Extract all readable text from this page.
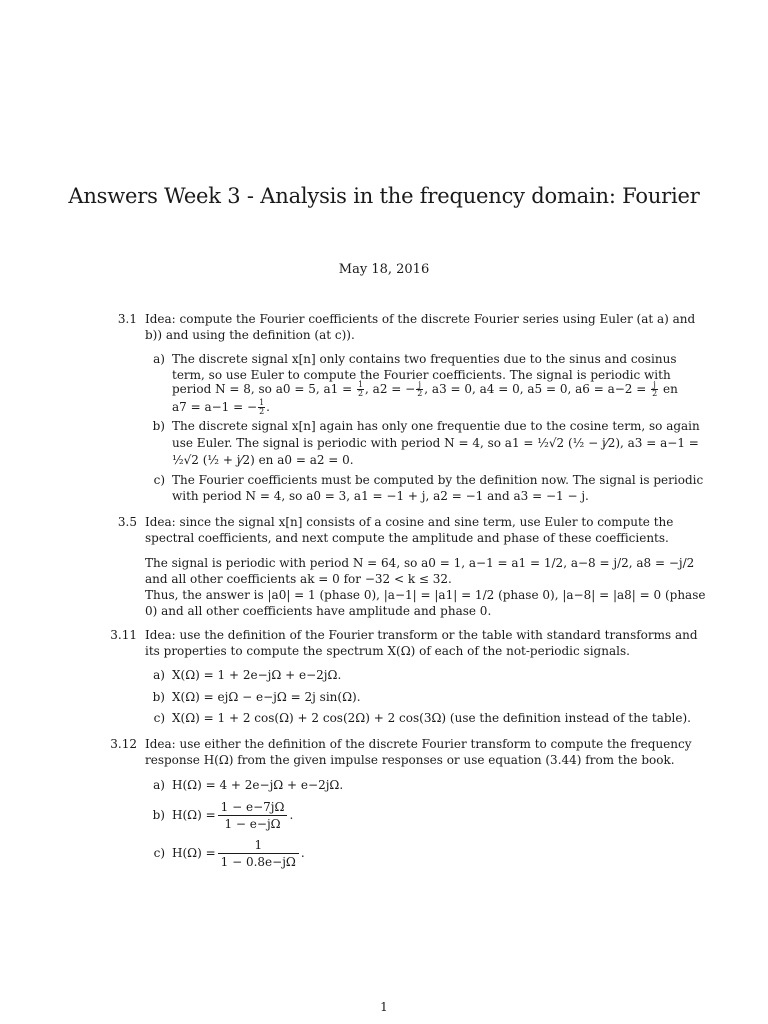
Answers Week 3 - Analysis in the frequency domain: Fourier
May 18, 2016
3.1 Idea: compute the Fourier coefficients of the discrete Fourier series using Euler (at a) and
b)) and using the definition (at c)).
a) The discrete signal x[n] only contains two frequenties due to the sinus and cosinus
term, so use Euler to compute the Fourier coefficients. The signal is periodic with
period N = 8, so a0 = 5, $a1 = \frac{1}{2}$ , a2 = − $\frac{j}{2}$ , a3 = 0, a4 = 0, a5 = 0, $a6 = a-2 = \frac{j}{2}$ en
a7 = a−1 = − $\frac{1}{2}$ .
b) The discrete signal x[n] again has only one frequentie due to the cosine term, so again
use Euler. The signal is periodic with period N = 4, so a1 = ½√2 (½ − j⁄2), a3 = a−1 =
½√2 (½ + j⁄2) en a0 = a2 = 0.
c) The Fourier coefficients must be computed by the definition now. The signal is periodic
with period N = 4, so a0 = 3, a1 = −1 + j, a2 = −1 and a3 = −1 − j.
3.5 Idea: since the signal x[n] consists of a cosine and sine term, use Euler to compute the
spectral coefficients, and next compute the amplitude and phase of these coefficients.
The signal is periodic with period N = 64, so a0 = 1, a−1 = a1 = 1/2, a−8 = j/2, a8 = −j/2
and all other coefficients ak = 0 for −32 < k ≤ 32.
Thus, the answer is |a0| = 1 (phase 0), |a−1| = |a1| = 1/2 (phase 0), |a−8| = |a8| = 0 (phase
0) and all other coefficients have amplitude and phase 0.
3.11 Idea: use the definition of the Fourier transform or the table with standard transforms and
its properties to compute the spectrum X(Ω) of each of the not-periodic signals.
a) X(Ω) = 1 + 2e−jΩ + e−2jΩ.
b) X(Ω) = ejΩ − e−jΩ = 2j sin(Ω).
c) X(Ω) = 1 + 2 cos(Ω) + 2 cos(2Ω) + 2 cos(3Ω) (use the definition instead of the table).
3.12 Idea: use either the definition of the discrete Fourier transform to compute the frequency
response H(Ω) from the given impulse responses or use equation (3.44) from the book.
a) H(Ω) = 4 + 2e−jΩ + e−2jΩ.
b) $H(\Omega) = \frac{1 - e-7j\Omega}{1 - e-j\Omega}$ .
c) $H(\Omega) = \frac{1}{1 - 0.8e-j\Omega}$ .
1
